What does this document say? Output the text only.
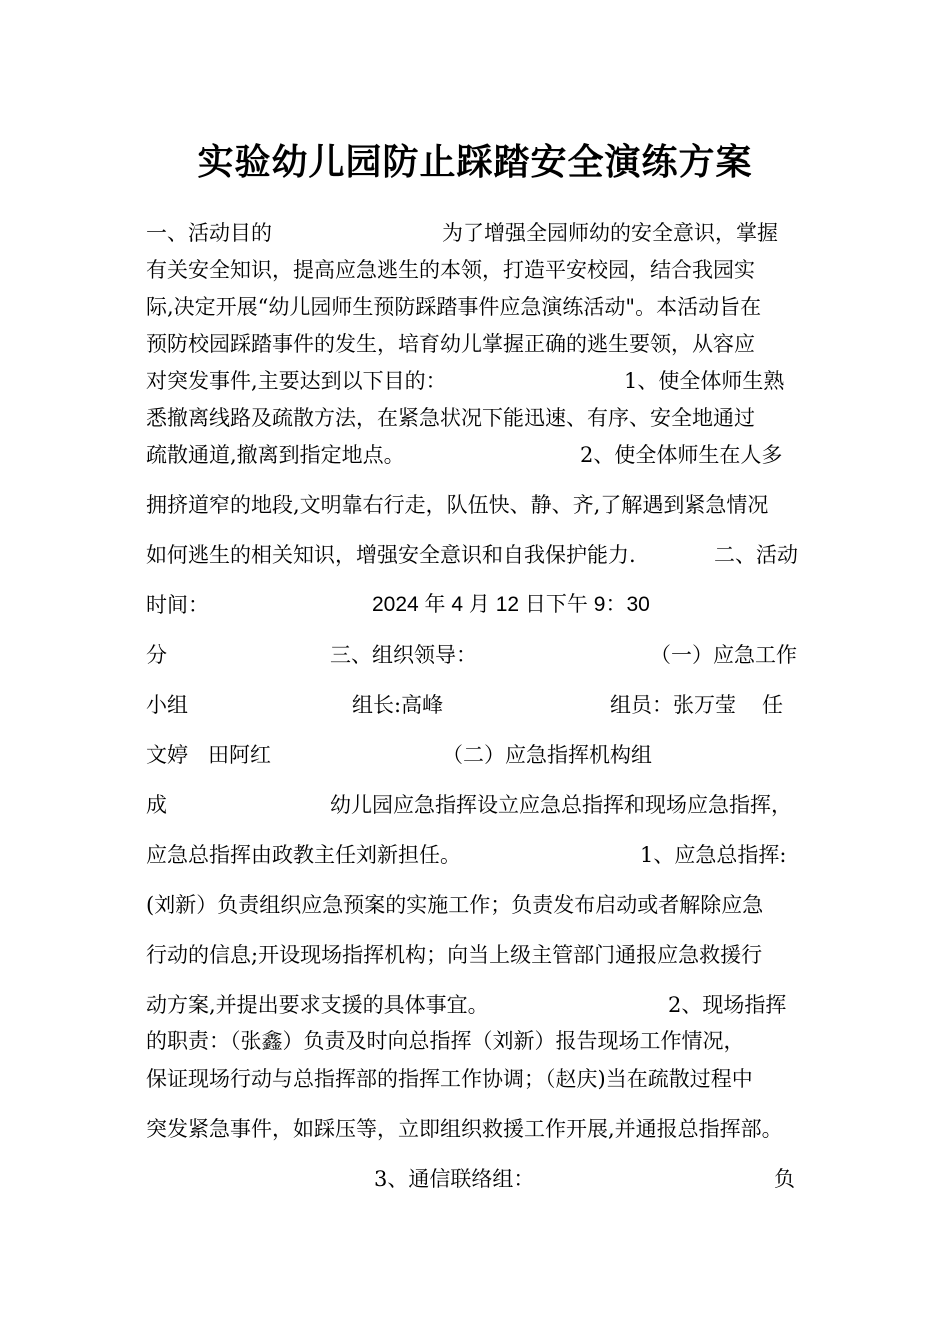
实验幼儿园防止踩踏安全演练方案
一、活动目的	为了增强全园师幼的安全意识，掌握
有关安全知识，提高应急逃生的本领，打造平安校园，结合我园实
际,决定开展“幼儿园师生预防踩踏事件应急演练活动"。本活动旨在
预防校园踩踏事件的发生，培育幼儿掌握正确的逃生要领，从容应
对突发事件,主要达到以下目的：	1、使全体师生熟
悉撤离线路及疏散方法，在紧急状况下能迅速、有序、安全地通过
疏散通道,撤离到指定地点。	2、使全体师生在人多
拥挤道窄的地段,文明靠右行走，队伍快、静、齐,了解遇到紧急情况
如何逃生的相关知识，增强安全意识和自我保护能力.	二、活动
时间：	2024 年 4 月 12 日下午 9：30
分	三、组织领导：	（一）应急工作
小组	组长:高峰	组员：张万莹 任
文婷 田阿红	（二）应急指挥机构组
成	幼儿园应急指挥设立应急总指挥和现场应急指挥，
应急总指挥由政教主任刘新担任。	1、应急总指挥:
(刘新）负责组织应急预案的实施工作；负责发布启动或者解除应急
行动的信息;开设现场指挥机构；向当上级主管部门通报应急救援行
动方案,并提出要求支援的具体事宜。	2、现场指挥
的职责：（张鑫）负责及时向总指挥（刘新）报告现场工作情况，
保证现场行动与总指挥部的指挥工作协调；（赵庆)当在疏散过程中
突发紧急事件，如踩压等，立即组织救援工作开展,并通报总指挥部。
3、通信联络组：	负
